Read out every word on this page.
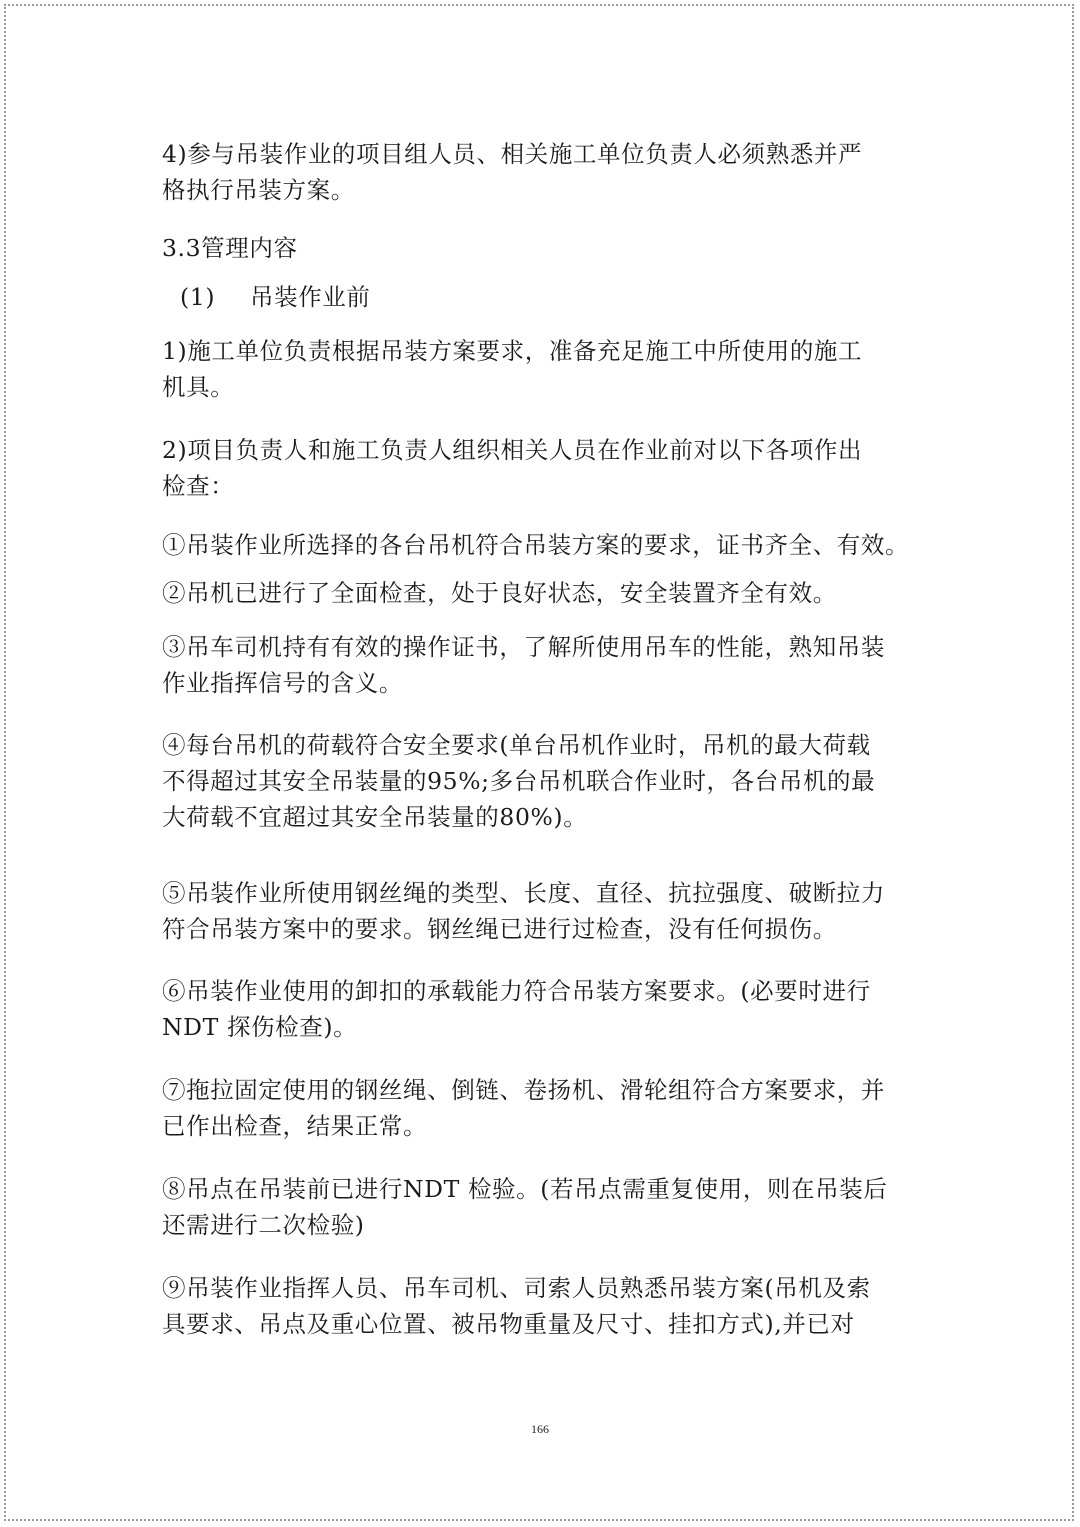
4)参与吊装作业的项目组人员、相关施工单位负责人必须熟悉并严
格执行吊装方案。

3.3管理内容

(1) 吊装作业前

1)施工单位负责根据吊装方案要求，准备充足施工中所使用的施工
机具。

2)项目负责人和施工负责人组织相关人员在作业前对以下各项作出
检查：

①吊装作业所选择的各台吊机符合吊装方案的要求，证书齐全、有效。

②吊机已进行了全面检查，处于良好状态，安全装置齐全有效。

③吊车司机持有有效的操作证书，了解所使用吊车的性能，熟知吊装
作业指挥信号的含义。

④每台吊机的荷载符合安全要求(单台吊机作业时，吊机的最大荷载
不得超过其安全吊装量的95%;多台吊机联合作业时，各台吊机的最
大荷载不宜超过其安全吊装量的80%)。

⑤吊装作业所使用钢丝绳的类型、长度、直径、抗拉强度、破断拉力
符合吊装方案中的要求。钢丝绳已进行过检查，没有任何损伤。

⑥吊装作业使用的卸扣的承载能力符合吊装方案要求。(必要时进行
NDT 探伤检查)。

⑦拖拉固定使用的钢丝绳、倒链、卷扬机、滑轮组符合方案要求，并
已作出检查，结果正常。

⑧吊点在吊装前已进行NDT 检验。(若吊点需重复使用，则在吊装后
还需进行二次检验)

⑨吊装作业指挥人员、吊车司机、司索人员熟悉吊装方案(吊机及索
具要求、吊点及重心位置、被吊物重量及尺寸、挂扣方式),并已对

166
